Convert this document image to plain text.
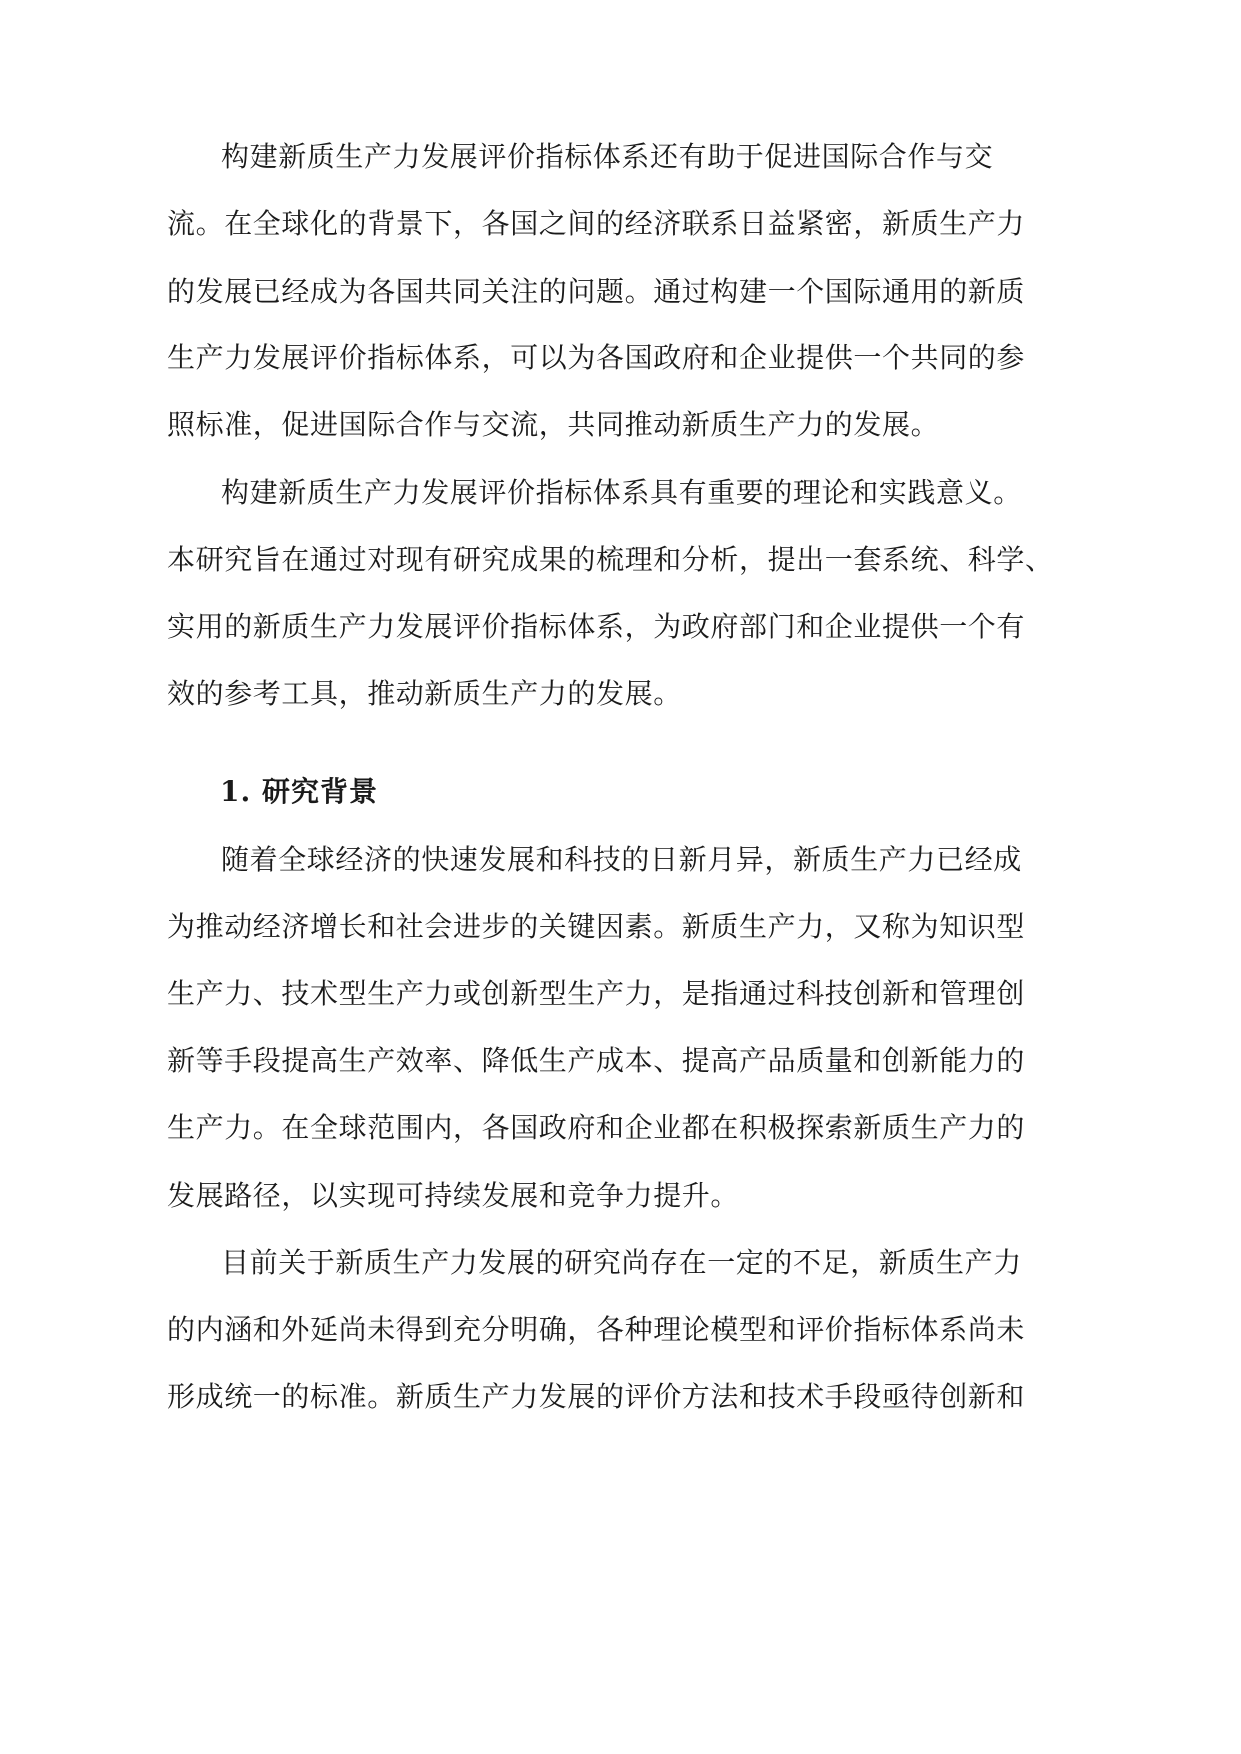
构建新质生产力发展评价指标体系还有助于促进国际合作与交

流。在全球化的背景下，各国之间的经济联系日益紧密，新质生产力

的发展已经成为各国共同关注的问题。通过构建一个国际通用的新质

生产力发展评价指标体系，可以为各国政府和企业提供一个共同的参

照标准，促进国际合作与交流，共同推动新质生产力的发展。

构建新质生产力发展评价指标体系具有重要的理论和实践意义。

本研究旨在通过对现有研究成果的梳理和分析，提出一套系统、科学、

实用的新质生产力发展评价指标体系，为政府部门和企业提供一个有

效的参考工具，推动新质生产力的发展。

1. 研究背景

随着全球经济的快速发展和科技的日新月异，新质生产力已经成

为推动经济增长和社会进步的关键因素。新质生产力，又称为知识型

生产力、技术型生产力或创新型生产力，是指通过科技创新和管理创

新等手段提高生产效率、降低生产成本、提高产品质量和创新能力的

生产力。在全球范围内，各国政府和企业都在积极探索新质生产力的

发展路径，以实现可持续发展和竞争力提升。

目前关于新质生产力发展的研究尚存在一定的不足，新质生产力

的内涵和外延尚未得到充分明确，各种理论模型和评价指标体系尚未

形成统一的标准。新质生产力发展的评价方法和技术手段亟待创新和
